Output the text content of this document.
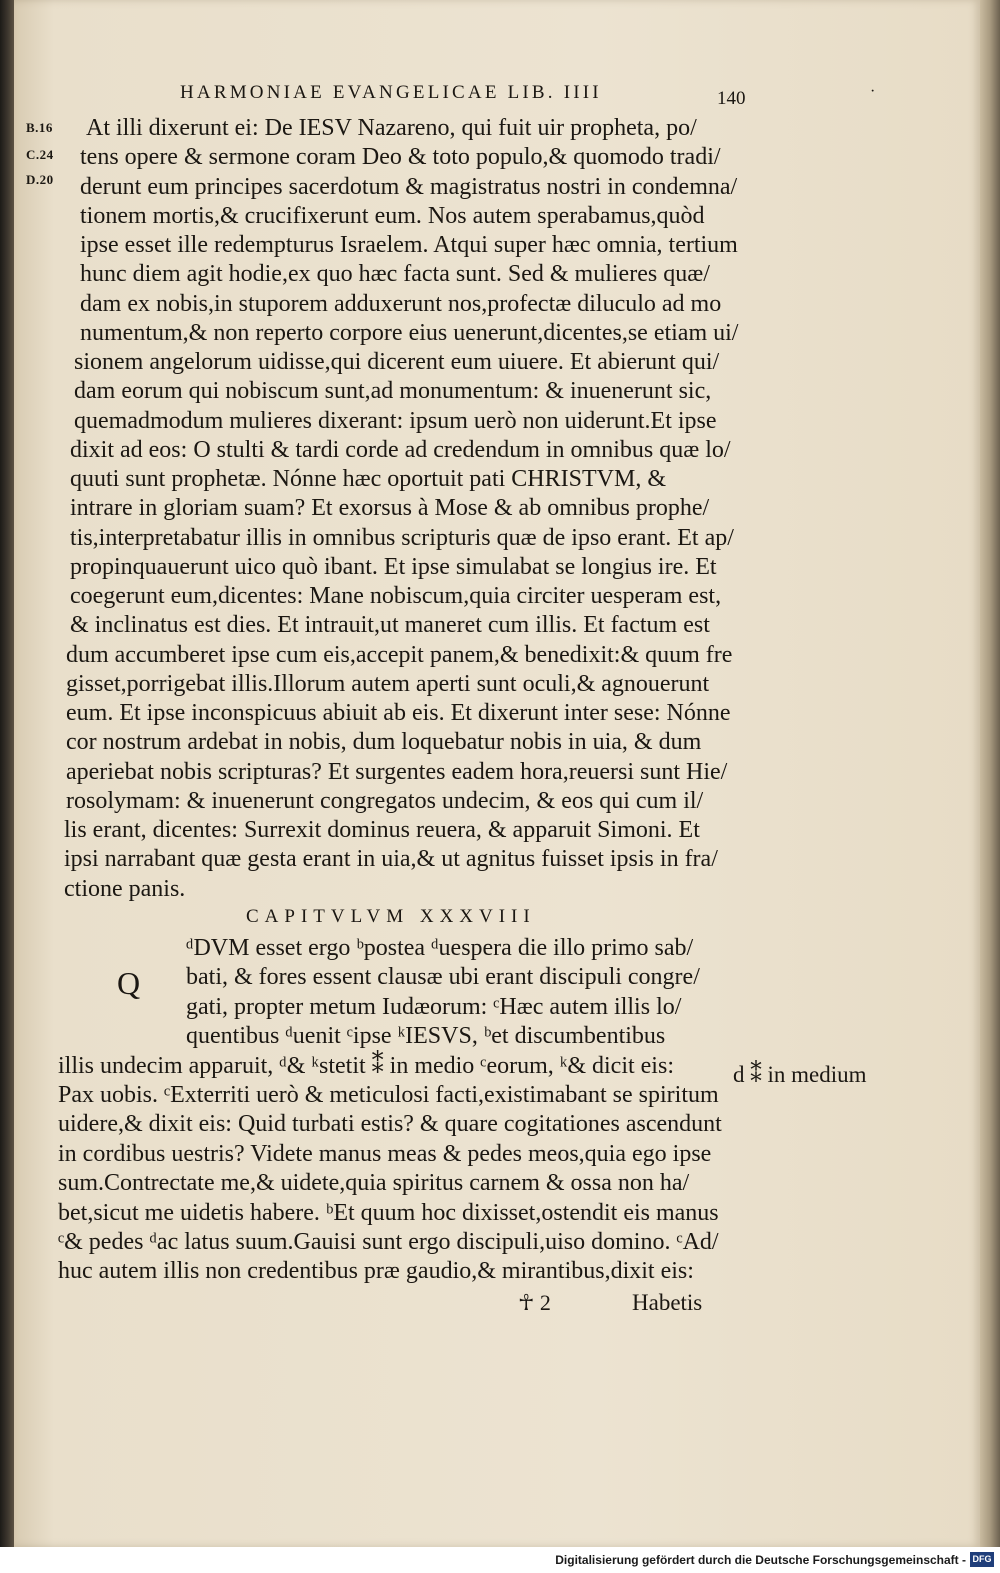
HARMONIAE EVANGELICAE LIB. IIII	140	·
B.16
C.24
D.20
At illi dixerunt ei: De IESV Nazareno, qui fuit uir propheta, po/
tens opere & sermone coram Deo & toto populo,& quomodo tradi/
derunt eum principes sacerdotum & magistratus nostri in condemna/
tionem mortis,& crucifixerunt eum. Nos autem sperabamus,quòd
ipse esset ille redempturus Israelem. Atqui super hæc omnia, tertium
hunc diem agit hodie,ex quo hæc facta sunt. Sed & mulieres quæ/
dam ex nobis,in stuporem adduxerunt nos,profectæ diluculo ad mo
numentum,& non reperto corpore eius uenerunt,dicentes,se etiam ui/
sionem angelorum uidisse,qui dicerent eum uiuere. Et abierunt qui/
dam eorum qui nobiscum sunt,ad monumentum: & inuenerunt sic,
quemadmodum mulieres dixerant: ipsum uerò non uiderunt.Et ipse
dixit ad eos: O stulti & tardi corde ad credendum in omnibus quæ lo/
quuti sunt prophetæ. Nónne hæc oportuit pati CHRISTVM, &
intrare in gloriam suam? Et exorsus à Mose & ab omnibus prophe/
tis,interpretabatur illis in omnibus scripturis quæ de ipso erant. Et ap/
propinquauerunt uico quò ibant. Et ipse simulabat se longius ire. Et
coegerunt eum,dicentes: Mane nobiscum,quia circiter uesperam est,
& inclinatus est dies. Et intrauit,ut maneret cum illis. Et factum est
dum accumberet ipse cum eis,accepit panem,& benedixit:& quum fre
gisset,porrigebat illis.Illorum autem aperti sunt oculi,& agnouerunt
eum. Et ipse inconspicuus abiuit ab eis. Et dixerunt inter sese: Nónne
cor nostrum ardebat in nobis, dum loquebatur nobis in uia, & dum
aperiebat nobis scripturas? Et surgentes eadem hora,reuersi sunt Hie/
rosolymam: & inuenerunt congregatos undecim, & eos qui cum il/
lis erant, dicentes: Surrexit dominus reuera, & apparuit Simoni. Et
ipsi narrabant quæ gesta erant in uia,& ut agnitus fuisset ipsis in fra/
ctione panis.
CAPITVLVM XXXVIII
Q
ᵈDVM esset ergo ᵇpostea ᵈuespera die illo primo sab/
bati, & fores essent clausæ ubi erant discipuli congre/
gati, propter metum Iudæorum: ᶜHæc autem illis lo/
quentibus ᵈuenit ᶜipse ᵏIESVS, ᵇet discumbentibus
illis undecim apparuit, ᵈ& ᵏstetit ⁑ in medio ᶜeorum, ᵏ& dicit eis:
Pax uobis. ᶜExterriti uerò & meticulosi facti,existimabant se spiritum
uidere,& dixit eis: Quid turbati estis? & quare cogitationes ascendunt
in cordibus uestris? Videte manus meas & pedes meos,quia ego ipse
sum.Contrectate me,& uidete,quia spiritus carnem & ossa non ha/
bet,sicut me uidetis habere. ᵇEt quum hoc dixisset,ostendit eis manus
ᶜ& pedes ᵈac latus suum.Gauisi sunt ergo discipuli,uiso domino. ᶜAd/
huc autem illis non credentibus præ gaudio,& mirantibus,dixit eis:
d ⁑ in medium
☥ 2	Habetis
Digitalisierung gefördert durch die Deutsche Forschungsgemeinschaft - DFG
